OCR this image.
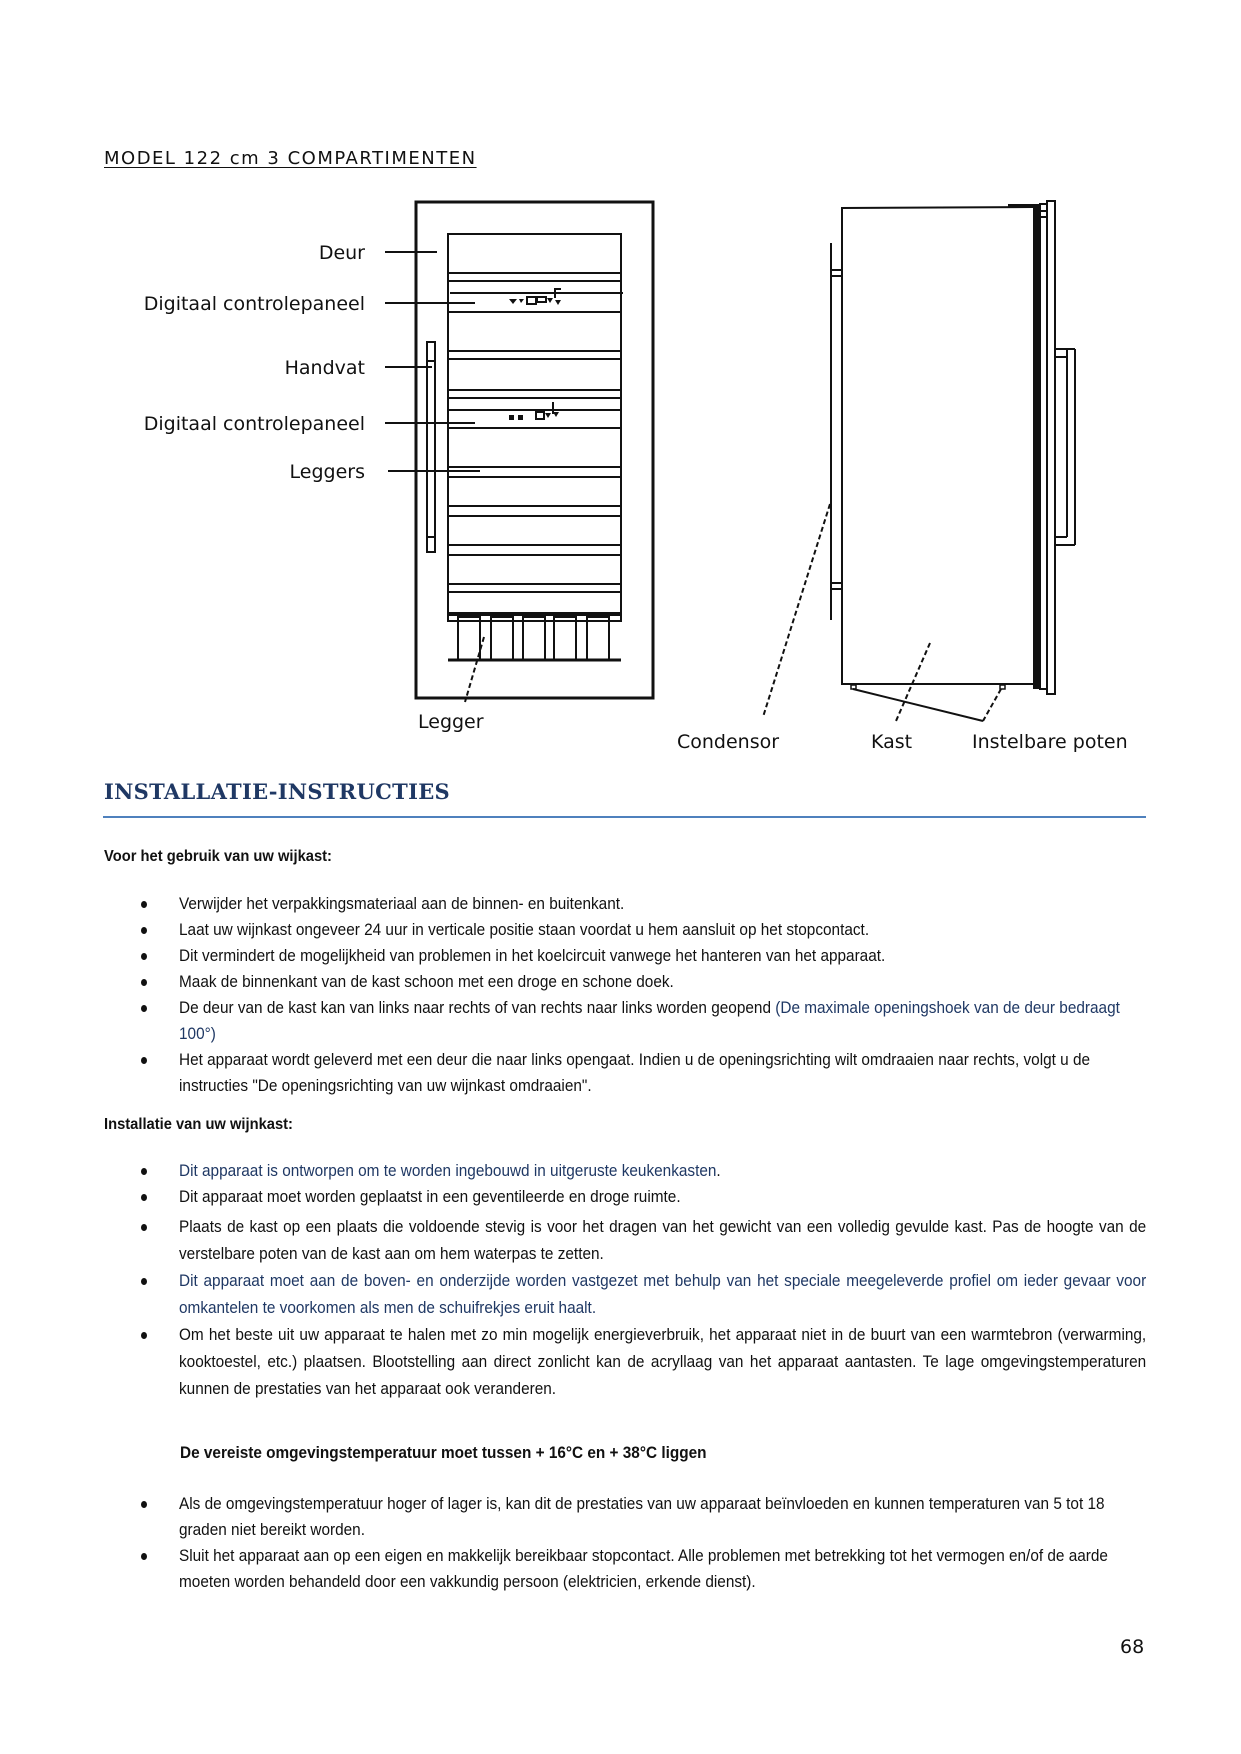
MODEL 122 cm 3 COMPARTIMENTEN
Deur
Digitaal controlepaneel
Handvat
Digitaal controlepaneel
Leggers
Legger
Condensor	Kast	Instelbare poten
INSTALLATIE-INSTRUCTIES
Voor het gebruik van uw wijkast:
Verwijder het verpakkingsmateriaal aan de binnen- en buitenkant.
Laat uw wijnkast ongeveer 24 uur in verticale positie staan voordat u hem aansluit op het stopcontact.
Dit vermindert de mogelijkheid van problemen in het koelcircuit vanwege het hanteren van het apparaat.
Maak de binnenkant van de kast schoon met een droge en schone doek.
De deur van de kast kan van links naar rechts of van rechts naar links worden geopend (De maximale openingshoek van de deur bedraagt 100°)
Het apparaat wordt geleverd met een deur die naar links opengaat. Indien u de openingsrichting wilt omdraaien naar rechts, volgt u de instructies "De openingsrichting van uw wijnkast omdraaien".
Installatie van uw wijnkast:
Dit apparaat is ontworpen om te worden ingebouwd in uitgeruste keukenkasten.
Dit apparaat moet worden geplaatst in een geventileerde en droge ruimte.
Plaats de kast op een plaats die voldoende stevig is voor het dragen van het gewicht van een volledig gevulde kast. Pas de hoogte van de verstelbare poten van de kast aan om hem waterpas te zetten.
Dit apparaat moet aan de boven- en onderzijde worden vastgezet met behulp van het speciale meegeleverde profiel om ieder gevaar voor omkantelen te voorkomen als men de schuifrekjes eruit haalt.
Om het beste uit uw apparaat te halen met zo min mogelijk energieverbruik, het apparaat niet in de buurt van een warmtebron (verwarming, kooktoestel, etc.) plaatsen. Blootstelling aan direct zonlicht kan de acryllaag van het apparaat aantasten. Te lage omgevingstemperaturen kunnen de prestaties van het apparaat ook veranderen.
De vereiste omgevingstemperatuur moet tussen + 16°C en + 38°C liggen
Als de omgevingstemperatuur hoger of lager is, kan dit de prestaties van uw apparaat beïnvloeden en kunnen temperaturen van 5 tot 18 graden niet bereikt worden.
Sluit het apparaat aan op een eigen en makkelijk bereikbaar stopcontact. Alle problemen met betrekking tot het vermogen en/of de aarde moeten worden behandeld door een vakkundig persoon (elektricien, erkende dienst).
68
